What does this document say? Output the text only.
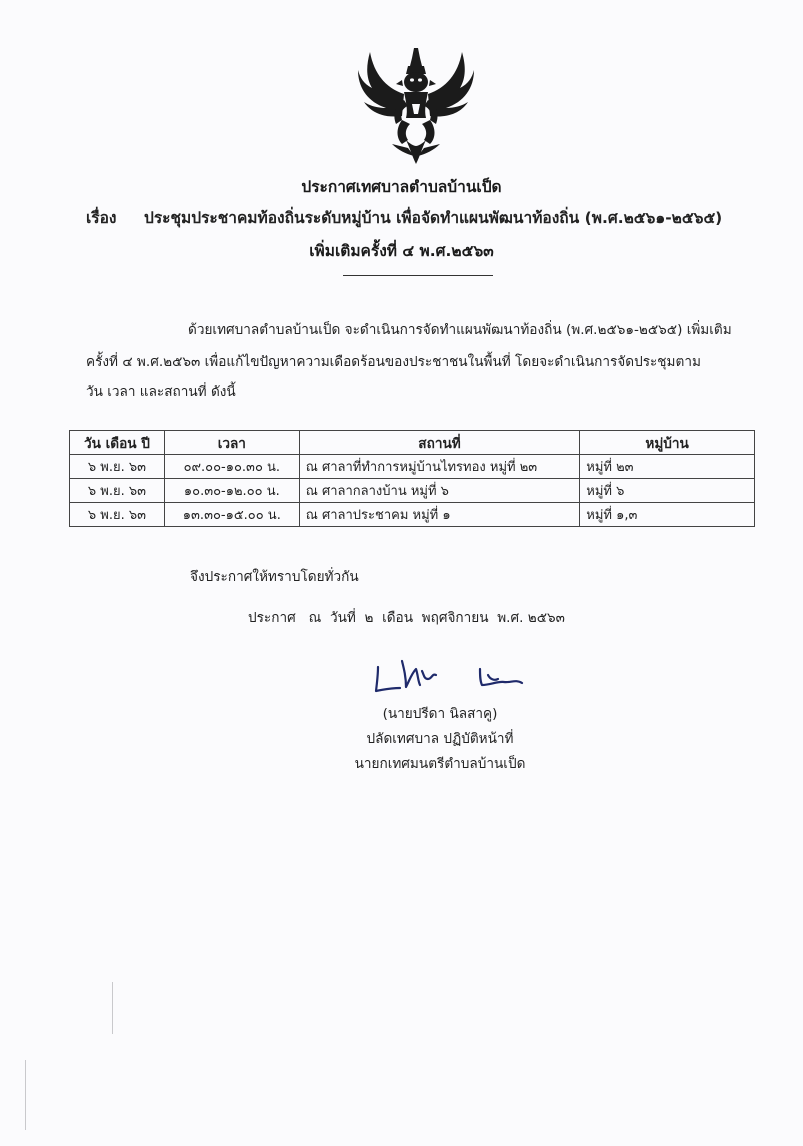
ประกาศเทศบาลตำบลบ้านเป็ด
เรื่อง ประชุมประชาคมท้องถิ่นระดับหมู่บ้าน เพื่อจัดทำแผนพัฒนาท้องถิ่น (พ.ศ.๒๕๖๑-๒๕๖๕)
เพิ่มเติมครั้งที่ ๔ พ.ศ.๒๕๖๓
ด้วยเทศบาลตำบลบ้านเป็ด จะดำเนินการจัดทำแผนพัฒนาท้องถิ่น (พ.ศ.๒๕๖๑-๒๕๖๕) เพิ่มเติม
ครั้งที่ ๔ พ.ศ.๒๕๖๓ เพื่อแก้ไขปัญหาความเดือดร้อนของประชาชนในพื้นที่ โดยจะดำเนินการจัดประชุมตาม
วัน เวลา และสถานที่ ดังนี้
วัน เดือน ปี	เวลา	สถานที่	หมู่บ้าน
๖ พ.ย. ๖๓	๐๙.๐๐-๑๐.๓๐ น.	ณ ศาลาที่ทำการหมู่บ้านไทรทอง หมู่ที่ ๒๓	หมู่ที่ ๒๓
๖ พ.ย. ๖๓	๑๐.๓๐-๑๒.๐๐ น.	ณ ศาลากลางบ้าน หมู่ที่ ๖	หมู่ที่ ๖
๖ พ.ย. ๖๓	๑๓.๓๐-๑๕.๐๐ น.	ณ ศาลาประชาคม หมู่ที่ ๑	หมู่ที่ ๑,๓
จึงประกาศให้ทราบโดยทั่วกัน
ประกาศ   ณ  วันที่  ๒  เดือน  พฤศจิกายน  พ.ศ. ๒๕๖๓
(นายปรีดา นิลสาคู)
ปลัดเทศบาล ปฏิบัติหน้าที่
นายกเทศมนตรีตำบลบ้านเป็ด
